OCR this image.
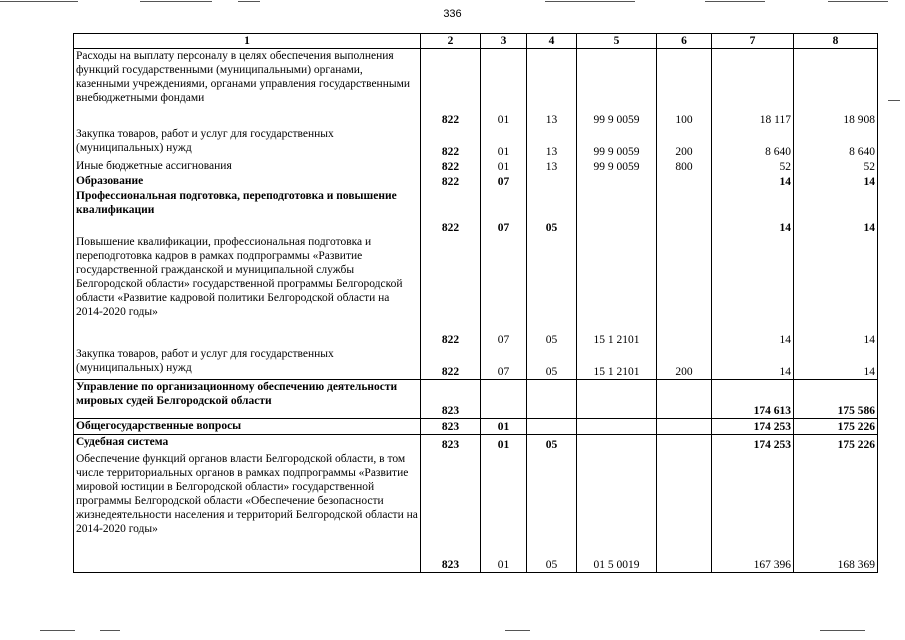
336
1	2	3	4	5	6	7	8
Расходы на выплату персоналу в целях обеспечения выполнения функций государственными (муниципальными) органами, казенными учреждениями, органами управления государственными внебюджетными фондами	822	01	13	99 9 0059	100	18 117	18 908
Закупка товаров, работ и услуг для государственных (муниципальных) нужд	822	01	13	99 9 0059	200	8 640	8 640
Иные бюджетные ассигнования	822	01	13	99 9 0059	800	52	52
Образование	822	07				14	14
Профессиональная подготовка, переподготовка и повышение квалификации	822	07	05			14	14
Повышение квалификации, профессиональная подготовка и переподготовка кадров в рамках подпрограммы «Развитие государственной гражданской и муниципальной службы Белгородской области» государственной программы Белгородской области «Развитие кадровой политики Белгородской области на 2014-2020 годы»	822	07	05	15 1 2101		14	14
Закупка товаров, работ и услуг для государственных (муниципальных) нужд	822	07	05	15 1 2101	200	14	14
Управление по организационному обеспечению деятельности мировых судей Белгородской области	823					174 613	175 586
Общегосударственные вопросы	823	01				174 253	175 226
Судебная система	823	01	05			174 253	175 226
Обеспечение функций органов власти Белгородской области, в том числе территориальных органов в рамках подпрограммы «Развитие мировой юстиции в Белгородской области» государственной программы Белгородской области «Обеспечение безопасности жизнедеятельности населения и территорий Белгородской области на 2014-2020 годы»	823	01	05	01 5 0019		167 396	168 369
